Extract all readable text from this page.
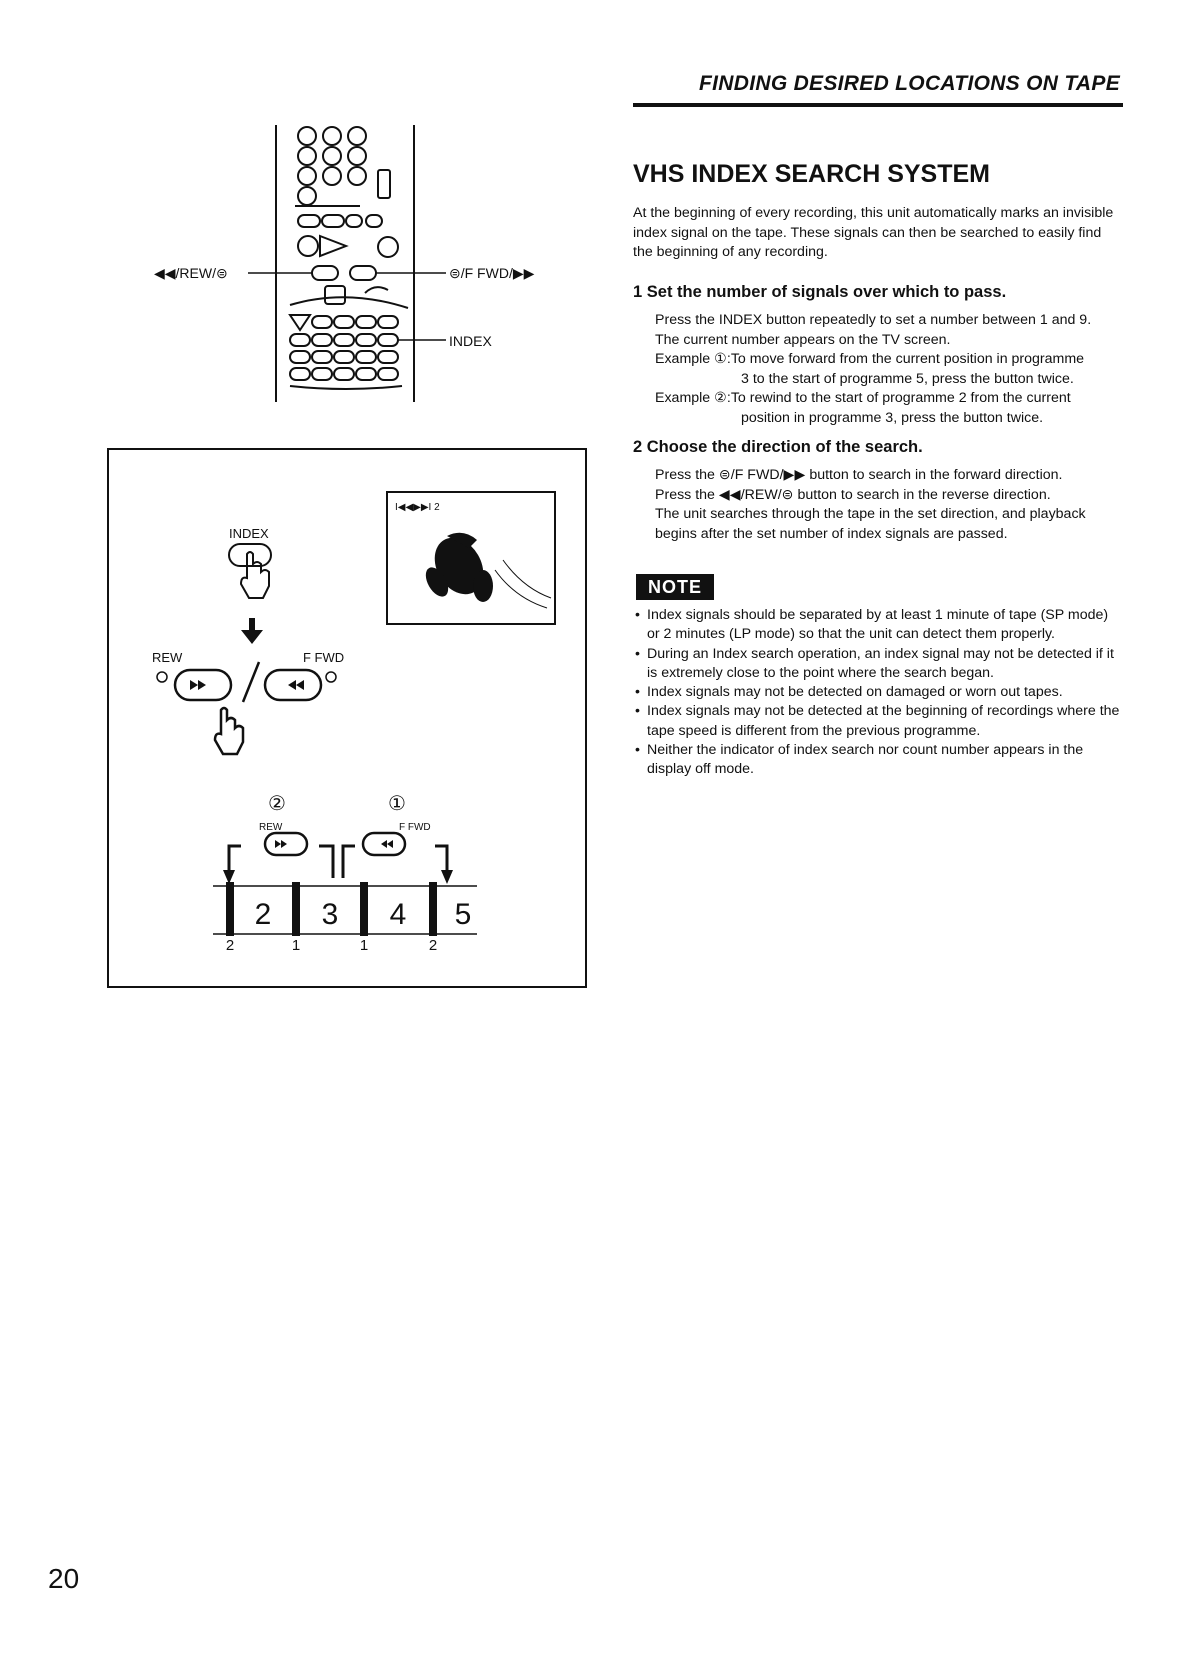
FINDING DESIRED LOCATIONS ON TAPE
◀◀/REW/⊜	⊜/F FWD/▶▶
INDEX
INDEX
REW	F FWD
I◀◀▶▶I 2
②	①
REW	F FWD
2 3 4 5
2	1	1	2
VHS INDEX SEARCH SYSTEM
At the beginning of every recording, this unit automatically marks an invisible index signal on the tape. These signals can then be searched to easily find the beginning of any recording.
1 Set the number of signals over which to pass.
Press the INDEX button repeatedly to set a number between 1 and 9.
The current number appears on the TV screen.
Example ①: To move forward from the current position in programme
3 to the start of programme 5, press the button twice.
Example ②: To rewind to the start of programme 2 from the current
position in programme 3, press the button twice.
2 Choose the direction of the search.
Press the ⊜/F FWD/▶▶ button to search in the forward direction.
Press the ◀◀/REW/⊜ button to search in the reverse direction.
The unit searches through the tape in the set direction, and playback begins after the set number of index signals are passed.
NOTE
• Index signals should be separated by at least 1 minute of tape (SP mode) or 2 minutes (LP mode) so that the unit can detect them properly.
• During an Index search operation, an index signal may not be detected if it is extremely close to the point where the search began.
• Index signals may not be detected on damaged or worn out tapes.
• Index signals may not be detected at the beginning of recordings where the tape speed is different from the previous programme.
• Neither the indicator of index search nor count number appears in the display off mode.
20
